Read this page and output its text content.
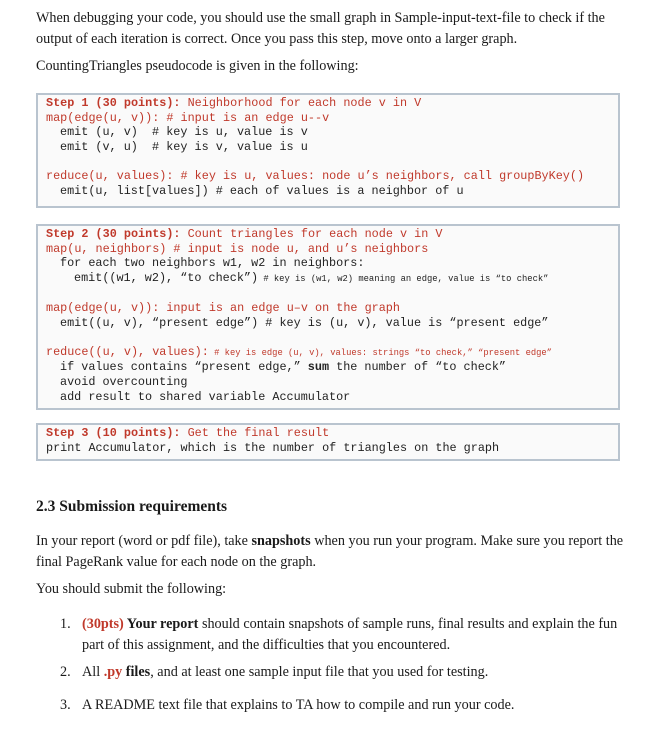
When debugging your code, you should use the small graph in Sample-input-text-file to check if the output of each iteration is correct. Once you pass this step, move onto a larger graph.
CountingTriangles pseudocode is given in the following:
Step 1 (30 points): Neighborhood for each node v in V
map(edge(u, v)): # input is an edge u--v
emit (u, v)  # key is u, value is v
emit (v, u)  # key is v, value is u
reduce(u, values): # key is u, values: node u’s neighbors, call groupByKey()
emit(u, list[values]) # each of values is a neighbor of u
Step 2 (30 points): Count triangles for each node v in V
map(u, neighbors) # input is node u, and u’s neighbors
for each two neighbors w1, w2 in neighbors:
emit((w1, w2), “to check”) # key is (w1, w2) meaning an edge, value is “to check”
map(edge(u, v)): input is an edge u–v on the graph
emit((u, v), “present edge”) # key is (u, v), value is “present edge”
reduce((u, v), values): # key is edge (u, v), values: strings “to check,” “present edge”
if values contains “present edge,” sum the number of “to check”
avoid overcounting
add result to shared variable Accumulator
Step 3 (10 points): Get the final result
print Accumulator, which is the number of triangles on the graph
2.3 Submission requirements
In your report (word or pdf file), take snapshots when you run your program. Make sure you report the final PageRank value for each node on the graph.
You should submit the following:
1. (30pts) Your report should contain snapshots of sample runs, final results and explain the fun part of this assignment, and the difficulties that you encountered.
2. All .py files, and at least one sample input file that you used for testing.
3. A README text file that explains to TA how to compile and run your code.
